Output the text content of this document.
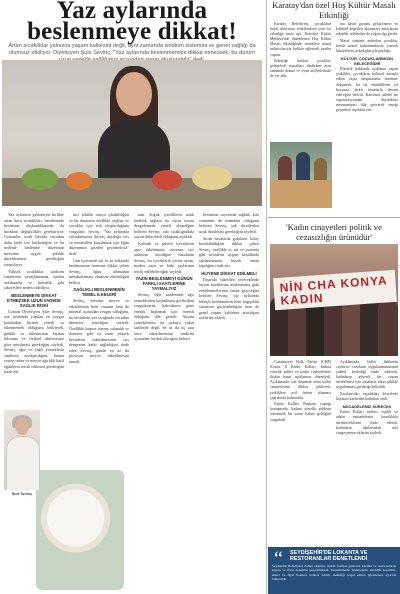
Yaz aylarında
beslenmeye dikkat!
Artan sıcaklıklar yalnızca yaşam kalitesini değil, aynı zamanda sindirim sistemini ve genel sağlığı da olumsuz etkiliyor. Diyetisyen Şule Sevinç, "Yaz aylarında beslenmemize dikkat etmezsek, bu durum

Yaz aylarının gelmesiyle birlikte artan hava sıcaklıkları, beraberinde beslenme alışkanlıklarında da birtakım değişiklikler gerektiriyor. Uzmanlar, sıcak havada vücudun daha fazla sıvı kaybettiğini ve bu nedenle beslenme düzeninin mevsime uygun şekilde düzenlenmesi gerektiğini vurguluyor.

Yüksek sıcaklıklar, sindirim sisteminin yavaşlamasına, iştahın azalmasına ve halsizlik gibi şikayetlere neden olabiliyor.

BESLENMEYE DİKKAT ETMEZSEK UZUN VADEDE SAĞLIK RİSKİ

Uzman Diyetisyen Şule Sevinç, yaz aylarında yapılan en yaygın hatalardan birinin yeterli su tüketmemek olduğunu belirterek, günlük su tüketiminin kişinin kilosuna ve fiziksel aktivitesine göre artırılması gerektiğini söyledi. Sevinç, ağır ve yağlı yemeklerin sindirimi zorlaştırdığını, bunun yerine sebze ve meyve ağırlıklı hafif öğünlerin tercih edilmesi gerektiğini ifade etti.

nici şekilde ortaya çıkabildiğini ve bu durumun özellikle yaşlılar ve çocuklar için risk oluşturduğunu vurguladı. Sevinç, "Yaz aylarında vücudumuzun ihtiyaç duyduğu sıvı ve mineralleri karşılamak için öğün düzenimizi gözden geçirmeliyiz" dedi.

Gün içerisinde sık ve az miktarda beslenmenin önemine dikkat çeken Sevinç, öğün atlamanın metabolizmayı olumsuz etkilediğini belirtti.

SAĞLIKLI BESLENMENİN TEMEL İLKELERİ

Sevinç, mevsim meyve ve sebzelerinin hem vitamin hem de mineral açısından zengin olduğunu, bu besinlerin yaz sıcağında vücudun direncini artırdığını söyledi. Özellikle karpuz, kavun, salatalık ve domates gibi su oranı yüksek besinlerin tüketilmesinin sıvı dengesine katkı sağladığını ifade eden Sevinç, günde en az iki porsiyon meyve tüketilmesini önerdi.

tam. Soğuk içeceklerin anlık ferahlık sağlasa da vücut ısısını dengelemede yeterli olmadığını belirten Sevinç, oda sıcaklığındaki suyun daha etkili olduğunu açıkladı.

Kafeinli ve şekerli içeceklerin aşırı tüketiminin vücuttan sıvı atılımını artırdığını hatırlatan Sevinç, bu içeceklerin yerine ayran, maden suyu ve bitki çaylarının tercih edilebileceğini söyledi.

YAZIN BESLENMEYİ GÜNÜN FARKLI SAATLERİNE YAYMALIYIZ

Sevinç, öğle saatlerinde ağır yemeklerden kaçınılması gerektiğini vurgulayarak, kahvaltının güne enerjik başlamak için önemli olduğunu dile getirdi. Akşam yemeklerinin ise uykuya yakın saatlerde değil, en az iki üç saat önce tüketilmesinin sindirim açısından faydalı olacağını belirtti.

beslenme sayesinde sağlıklı kilo vermenin de mümkün olduğunu belirten Sevinç, şok diyetlerden uzak durulması gerektiğini söyledi.

Sıcak havalarda gıdaların kolay bozulabildiğine dikkat çeken Sevinç, özellikle et, süt ve yumurta gibi ürünlerin uygun koşullarda saklanmasının büyük önem taşıdığını ifade etti.

HİJYENE DİKKAT EDİLMELİ

Dışarıda tüketilen yiyeceklerde hijyen kurallarına uyulmasının gıda zehirlenmelerinin önüne geçeceğini belirten Sevinç, yaz aylarında bilinçli beslenmenin hem bağışıklık sistemini güçlendirdiğini hem de genel yaşam kalitesini artırdığını sözlerine ekledi.

Şule Sevinç
Karatay'dan özel Hoş Kültür Masalı Etkinliği

Karatay Belediyesi, çocukların hayal dünyasını renklendiren yeni bir etkinliğe imza attı. Belediye Kültür Merkezi'nde düzenlenen Hoş Kültür Masalı etkinliğinde, miniklere masal anlatıcılarıyla birlikte eğlenceli saatler yaşattı.

Etkinliğe katılan çocuklar, geleneksel masalları dinlerken aynı zamanda drama ve oyun atölyelerinde de yer aldı.

nin hayal gücünü geliştirmeyi ve kültürel değerleri aktarmayı amaçlayan etkinlik, ailelerden de yoğun ilgi gördü.

Masal saatinin ardından çocuklar, kendi masal kahramanlarını çizerek hikayelerini arkadaşlarıyla paylaştı.

KÜLTÜR, ÇOCUKLARIMIZIN GELECEĞİDİR

Etkinlik hakkında açıklama yapan yetkililer, çocukların kültürel mirasla erken yaşta tanışmasının önemine değinerek, bu tür etkinliklerin yıl boyunca farklı temalarla devam edeceğini belirtti. Katılımcı aileler ise organizasyondan duydukları memnuniyeti dile getirerek emeği geçenlere teşekkür etti.

'Kadın cinayetleri politik ve cezasızlığın ürünüdür'
NİN CHA KONYA KADIN

Cumhuriyet Halk Partisi (CHP) Konya İl Kadın Kolları, kadına yönelik şiddet ve kadın cinayetlerine ilişkin basın açıklaması düzenledi. Açıklamada, son dönemde artan kadın cinayetlerine dikkat çekilerek, yetkililere acil önlem alınması çağrısında bulunuldu.

Kadın Kolları Başkanı yaptığı konuşmada, kadına yönelik şiddetin sistematik bir sorun haline geldiğini vurguladı.

Açıklamada, failler hakkında caydırıcı cezaların uygulanmamasının şiddeti beslediği ifade edilerek, kadınların güvenli bir yaşam sürebilmesi için yasaların etkin şekilde uygulanması gerektiği belirtildi.

Katılımcılar, taşıdıkları dövizlerle hayatını kaybeden kadınları andı.

MÜCADELEMİZ SÜRECEK

Kadın Kolları üyeleri, eşitlik ve adalet mücadelesini kararlılıkla sürdüreceklerini ifade ederek, kadınların haklarından asla vazgeçmeyeceklerini söyledi.

“ SEYDİŞEHİR'DE LOKANTA VE RESTORANLAR DENETLENDİ
Seydişehir Belediyesi Zabıta ekipleri, ilçede faaliyet gösteren lokanta ve restoranlarda hijyen ve fiyat denetimi gerçekleştirdi. Denetimlerde işletmelerin temizlik koşulları, etiket ve fiyat listeleri kontrol edildi, eksikliği tespit edilen işletmelere uyarıda bulunuldu.
